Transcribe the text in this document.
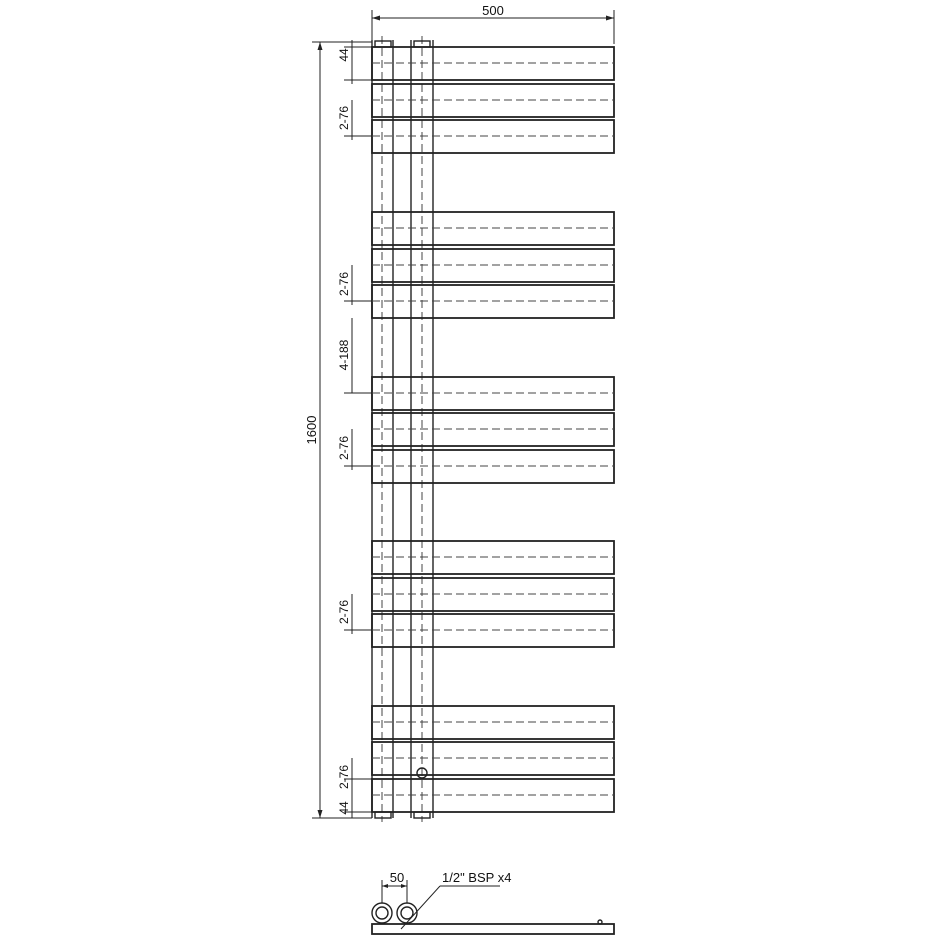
500
1600
44
2-76
2-76
4-188
2-76
2-76
2-76
44
50	1/2" BSP x4
